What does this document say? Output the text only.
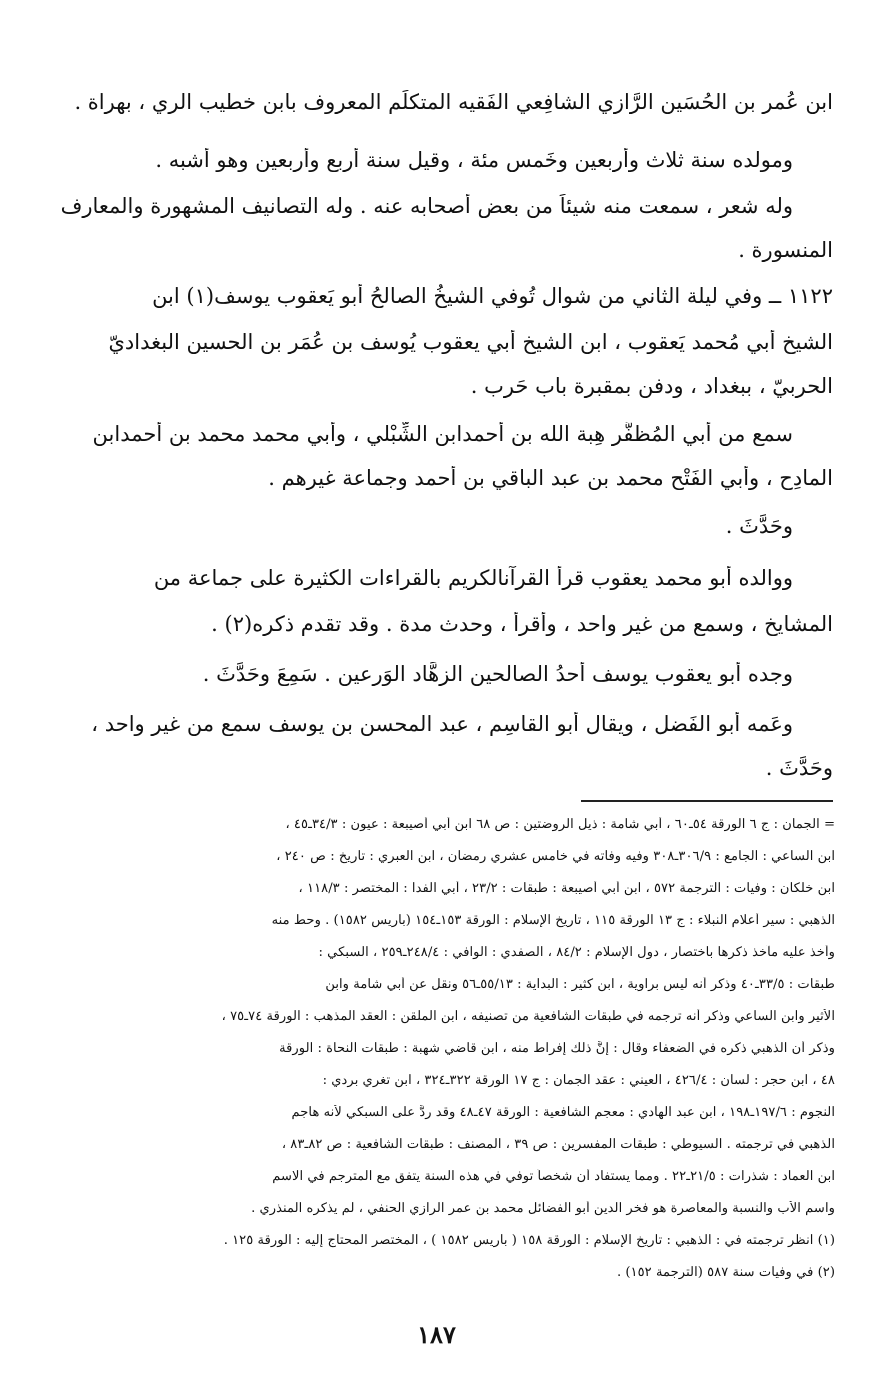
ابن عُمر بن الحُسَين الرَّازي الشافِعي الفَقيه المتكلِّم المعروف بابن خطيب الري ، بهراة .
ومولده سنة ثلاث وأربعين وخَمس مئة ، وقيل سنة أربع وأربعين وهو أشبه .
وله شعر ، سمعت منه شيئاً من بعض أصحابه عنه . وله التصانيف المشهورة والمعارف
المنسورة .
١١٢٢ ــ وفي ليلة الثاني من شوال تُوفي الشيخُ الصالحُ أبو يَعقوب يوسف(١) ابن
الشيخ أبي مُحمد يَعقوب ، ابن الشيخ أبي يعقوب يُوسف بن عُمَر بن الحسين البغداديّ
الحربيّ ، ببغداد ، ودفن بمقبرة باب حَرب .
سمع من أبي المُظفَّر هِبة الله بن أَحمدابن الشِّبْلي ، وأبي محمد محمد بن أحمدابن
المادِح ، وأبي الفَتْح محمد بن عبد الباقي بن أحمد وجماعة غيرهم .
وحَدَّثَ .
ووالده أبو محمد يعقوب قرأ القرآنالكريم بالقراءات الكثيرة على جماعة من
المشايخ ، وسمع من غير واحد ، وأقرأ ، وحدث مدة . وقد تقدم ذكره(٢) .
وجده أبو يعقوب يوسف أَحدُ الصالحين الزهَّاد الوَرِعين . سَمِعَ وحَدَّثَ .
وعَمه أبو الفَضل ، ويقال أبو القاسِم ، عبد المحسن بن يوسف سمع من غير واحد ،
وحَدَّثَ .
= الجمان : ج ٦ الورقة ٥٤ـ٦٠ ، أبي شامة : ذيل الروضتين : ص ٦٨ ابن أبي أصيبعة : عيون : ٣٤/٣ـ٤٥ ،
ابن الساعي : الجامع : ٣٠٦/٩ـ٣٠٨ وفيه وفاته في خامس عشري رمضان ، ابن العبري : تاريخ : ص ٢٤٠ ،
ابن خلكان : وفيات : الترجمة ٥٧٢ ، ابن أبي أصيبعة : طبقات : ٢٣/٢ ، أبي الفدا : المختصر : ١١٨/٣ ،
الذهبي : سير أعلام النبلاء : ج ١٣ الورقة ١١٥ ، تاريخ الإسلام : الورقة ١٥٣ـ١٥٤ (باريس ١٥٨٢) . وحط منه
وأخذ عليه مآخذ ذكرها باختصار ، دول الإسلام : ٨٤/٢ ، الصفدي : الوافي : ٢٤٨/٤ـ٢٥٩ ، السبكي :
طبقات : ٣٣/٥ـ٤٠ وذكر أنه ليس براوية ، ابن كثير : البداية : ٥٥/١٣ـ٥٦ ونقل عن أبي شامة وابن
الأثير وابن الساعي وذكر أنه ترجمه في طبقات الشافعية من تصنيفه ، ابن الملقن : العقد المذهب : الورقة ٧٤ـ٧٥ ،
وذكر أن الذهبي ذكره في الضعفاء وقال : إنَّ ذلك إفراط منه ، ابن قاضي شهبة : طبقات النحاة : الورقة
٤٨ ، ابن حجر : لسان : ٤٢٦/٤ ، العيني : عقد الجمان : ج ١٧ الورقة ٣٢٢ـ٣٢٤ ، ابن تغري بردي :
النجوم : ١٩٧/٦ـ١٩٨ ، ابن عبد الهادي : معجم الشافعية : الورقة ٤٧ـ٤٨ وقد ردَّ على السبكي لأنه هاجم
الذهبي في ترجمته . السيوطي : طبقات المفسرين : ص ٣٩ ، المصنف : طبقات الشافعية : ص ٨٢ـ٨٣ ،
ابن العماد : شذرات : ٢١/٥ـ٢٢ . ومما يستفاد أن شخصاً توفي في هذه السنة يتفق مع المترجم في الاسم
واسم الأب والنسبة والمعاصرة هو فخر الدين أبو الفضائل محمد بن عمر الرازي الحنفي ، لم يذكره المنذري .
(١) انظر ترجمته في : الذهبي : تاريخ الإسلام : الورقة ١٥٨ ( باريس ١٥٨٢ ) ، المختصر المحتاج إليه : الورقة ١٢٥ .
(٢) في وفيات سنة ٥٨٧ (الترجمة ١٥٢) .
١٨٧
